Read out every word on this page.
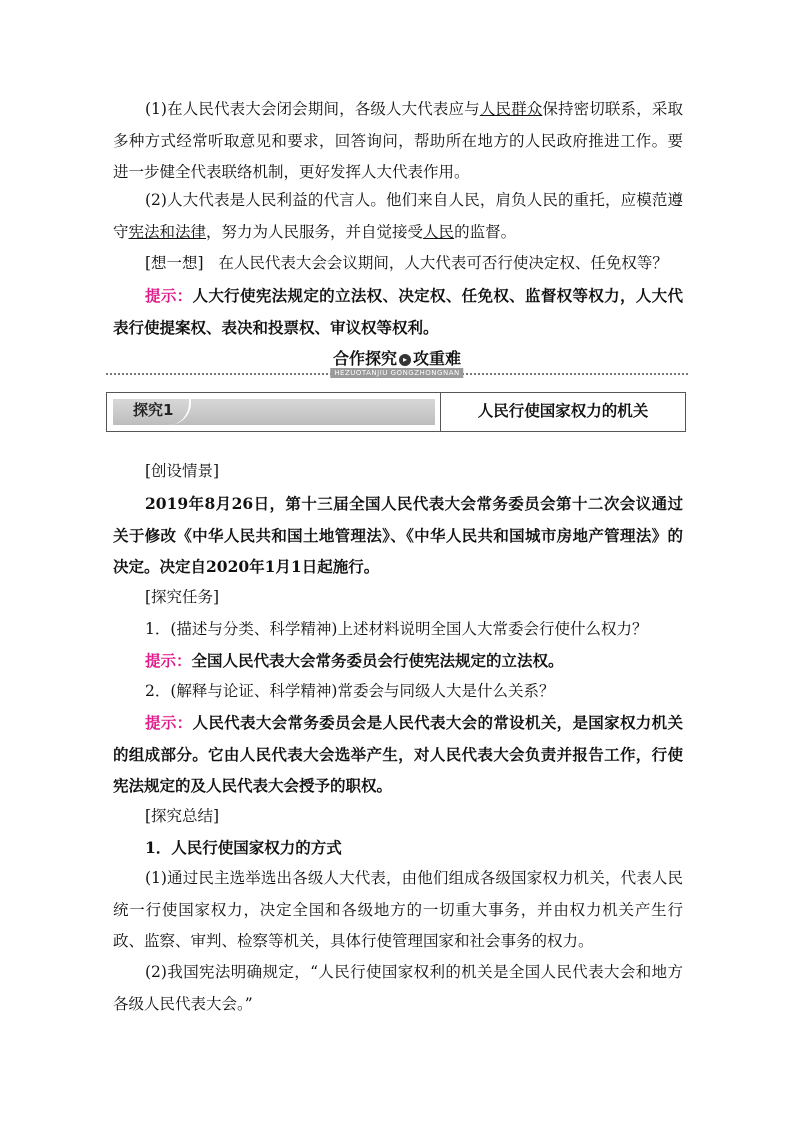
(1)在人民代表大会闭会期间，各级人大代表应与人民群众保持密切联系，采取多种方式经常听取意见和要求，回答询问，帮助所在地方的人民政府推进工作。要进一步健全代表联络机制，更好发挥人大代表作用。

(2)人大代表是人民利益的代言人。他们来自人民，肩负人民的重托，应模范遵守宪法和法律，努力为人民服务，并自觉接受人民的监督。

[想一想] 在人民代表大会会议期间，人大代表可否行使决定权、任免权等？

提示：人大行使宪法规定的立法权、决定权、任免权、监督权等权力，人大代表行使提案权、表决和投票权、审议权等权利。

合作探究 ▸ 攻重难
HEZUOTANJIU GONGZHONGNAN
探究1	人民行使国家权力的机关

[创设情景]

2019年8月26日，第十三届全国人民代表大会常务委员会第十二次会议通过关于修改《中华人民共和国土地管理法》、《中华人民共和国城市房地产管理法》的决定。决定自2020年1月1日起施行。

[探究任务]

1．(描述与分类、科学精神)上述材料说明全国人大常委会行使什么权力？

提示：全国人民代表大会常务委员会行使宪法规定的立法权。

2．(解释与论证、科学精神)常委会与同级人大是什么关系？

提示：人民代表大会常务委员会是人民代表大会的常设机关，是国家权力机关的组成部分。它由人民代表大会选举产生，对人民代表大会负责并报告工作，行使宪法规定的及人民代表大会授予的职权。

[探究总结]

1．人民行使国家权力的方式

(1)通过民主选举选出各级人大代表，由他们组成各级国家权力机关，代表人民统一行使国家权力，决定全国和各级地方的一切重大事务，并由权力机关产生行政、监察、审判、检察等机关，具体行使管理国家和社会事务的权力。

(2)我国宪法明确规定，“人民行使国家权利的机关是全国人民代表大会和地方各级人民代表大会。”
